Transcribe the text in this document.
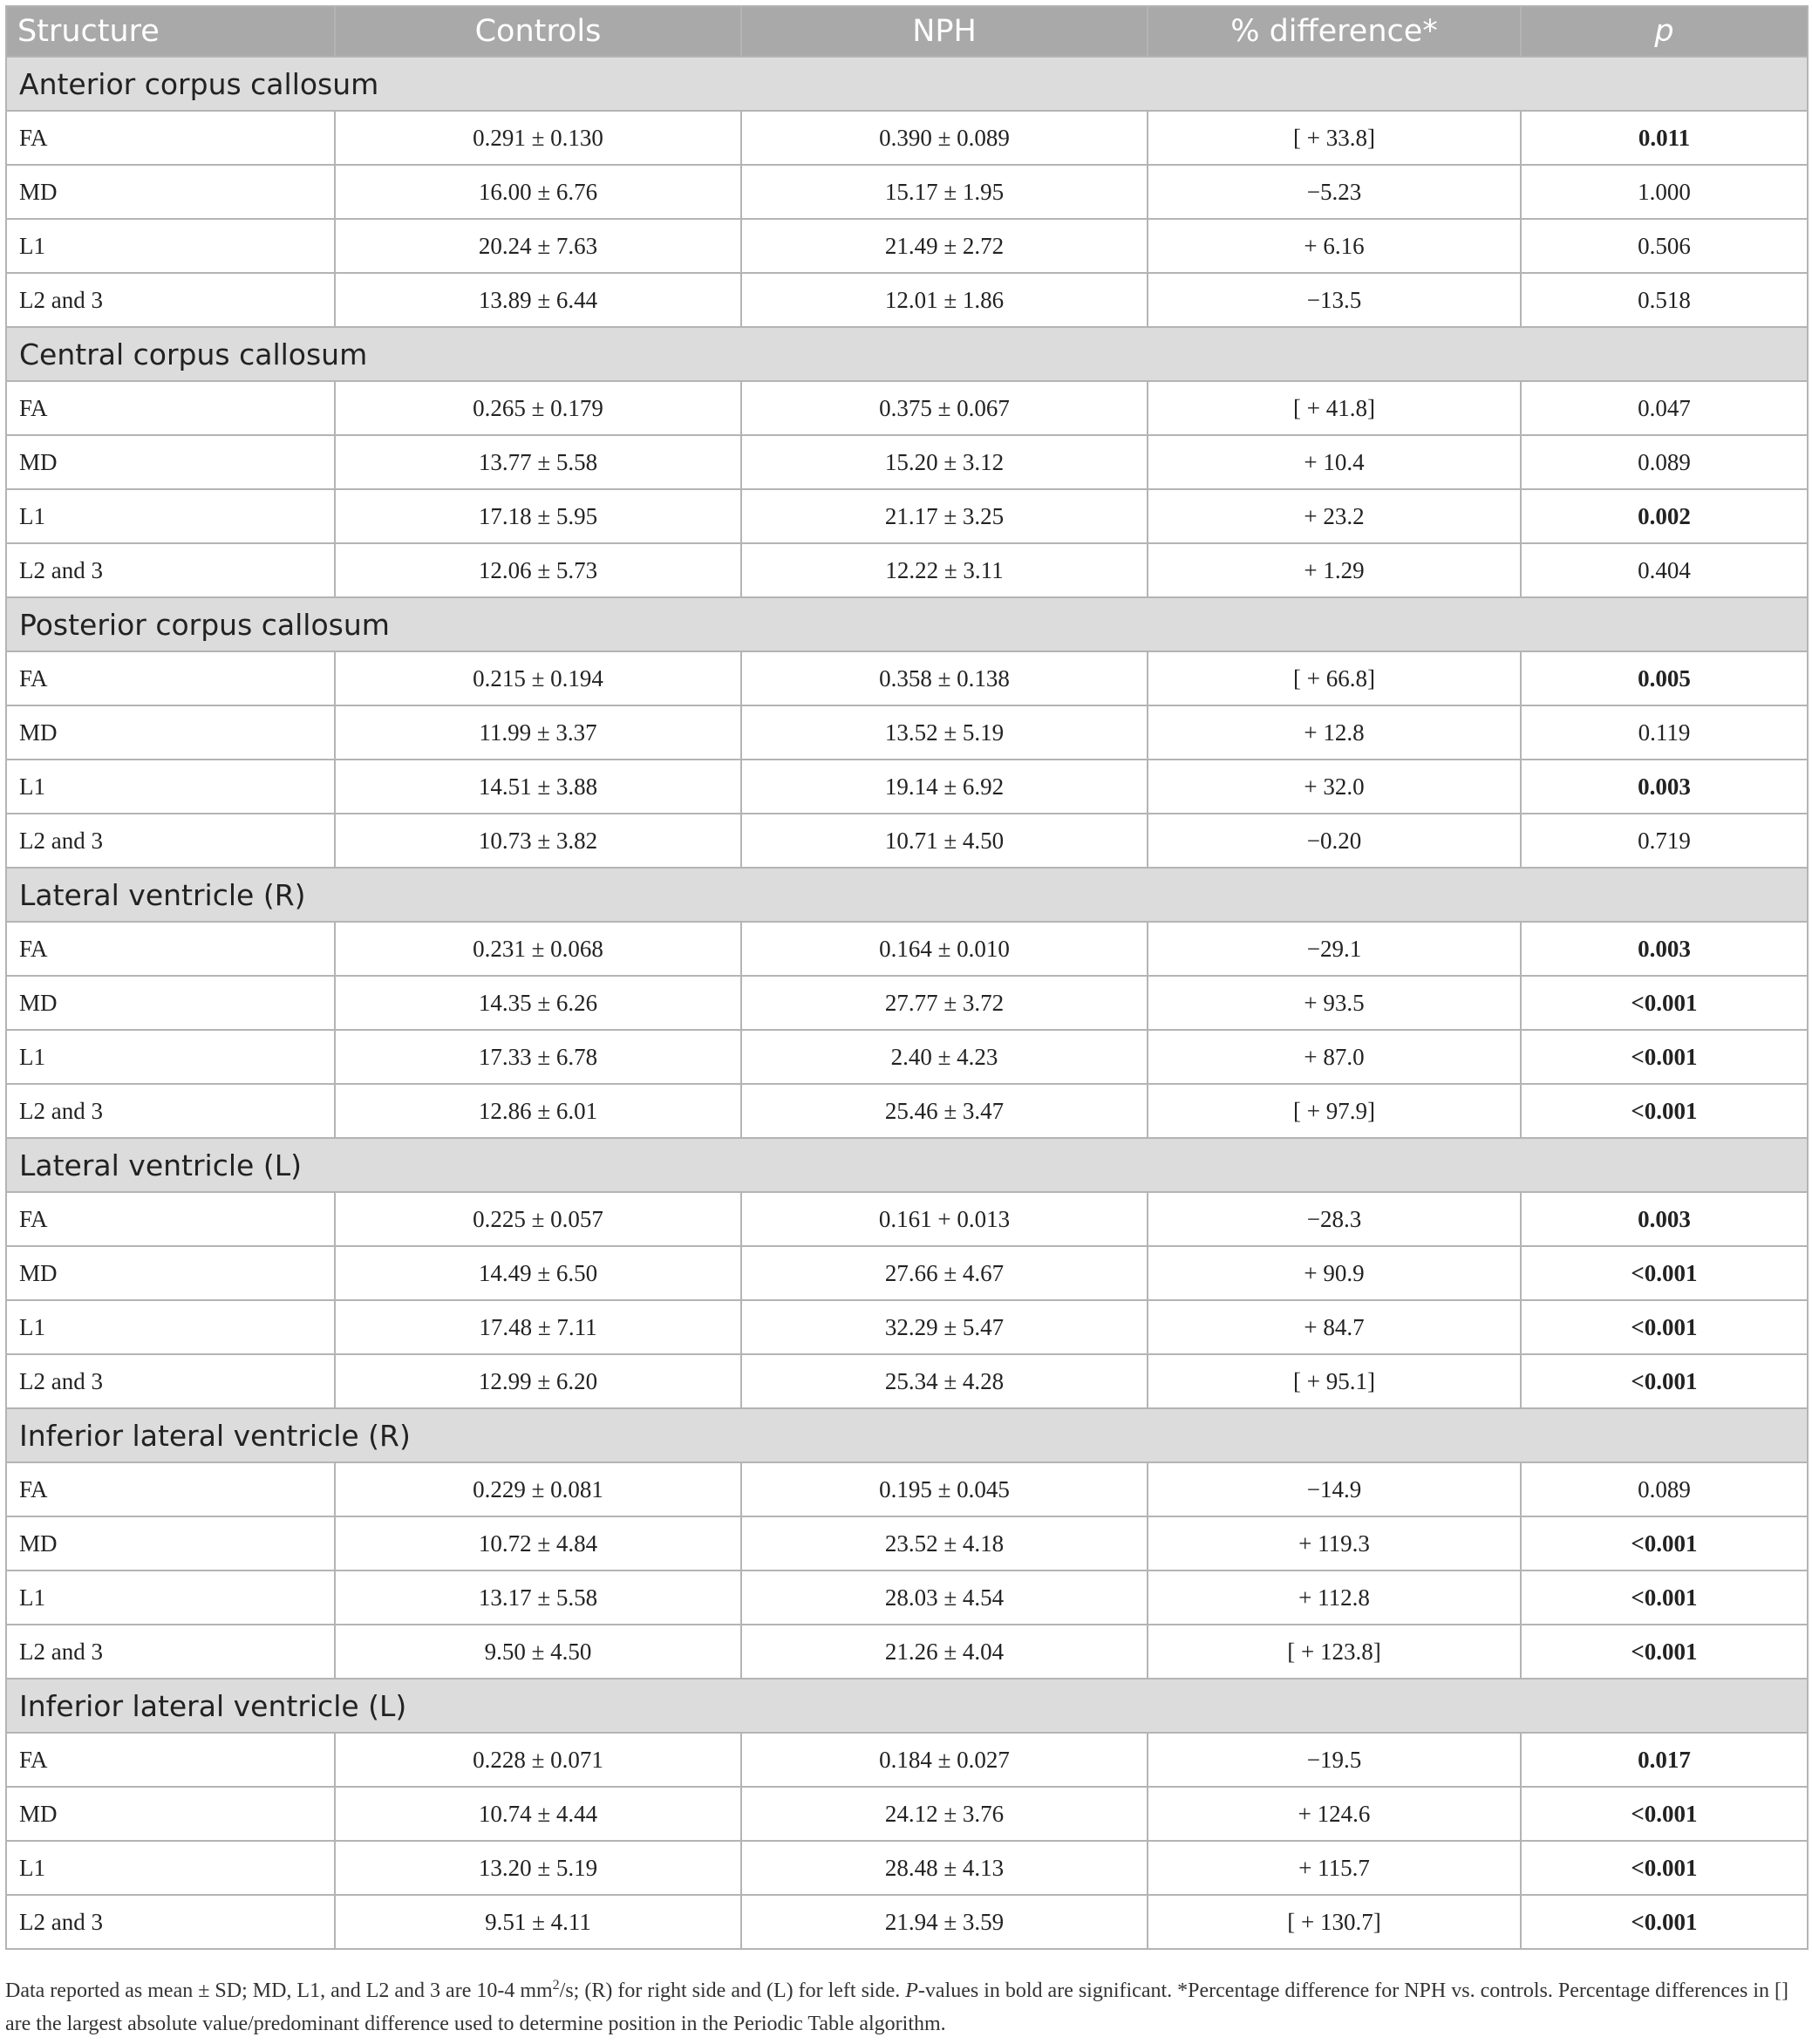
Structure	Controls	NPH	% difference*	p
Anterior corpus callosum				
FA	0.291 ± 0.130	0.390 ± 0.089	[ + 33.8]	0.011
MD	16.00 ± 6.76	15.17 ± 1.95	−5.23	1.000
L1	20.24 ± 7.63	21.49 ± 2.72	+ 6.16	0.506
L2 and 3	13.89 ± 6.44	12.01 ± 1.86	−13.5	0.518
Central corpus callosum				
FA	0.265 ± 0.179	0.375 ± 0.067	[ + 41.8]	0.047
MD	13.77 ± 5.58	15.20 ± 3.12	+ 10.4	0.089
L1	17.18 ± 5.95	21.17 ± 3.25	+ 23.2	0.002
L2 and 3	12.06 ± 5.73	12.22 ± 3.11	+ 1.29	0.404
Posterior corpus callosum				
FA	0.215 ± 0.194	0.358 ± 0.138	[ + 66.8]	0.005
MD	11.99 ± 3.37	13.52 ± 5.19	+ 12.8	0.119
L1	14.51 ± 3.88	19.14 ± 6.92	+ 32.0	0.003
L2 and 3	10.73 ± 3.82	10.71 ± 4.50	−0.20	0.719
Lateral ventricle (R)				
FA	0.231 ± 0.068	0.164 ± 0.010	−29.1	0.003
MD	14.35 ± 6.26	27.77 ± 3.72	+ 93.5	<0.001
L1	17.33 ± 6.78	2.40 ± 4.23	+ 87.0	<0.001
L2 and 3	12.86 ± 6.01	25.46 ± 3.47	[ + 97.9]	<0.001
Lateral ventricle (L)				
FA	0.225 ± 0.057	0.161 + 0.013	−28.3	0.003
MD	14.49 ± 6.50	27.66 ± 4.67	+ 90.9	<0.001
L1	17.48 ± 7.11	32.29 ± 5.47	+ 84.7	<0.001
L2 and 3	12.99 ± 6.20	25.34 ± 4.28	[ + 95.1]	<0.001
Inferior lateral ventricle (R)				
FA	0.229 ± 0.081	0.195 ± 0.045	−14.9	0.089
MD	10.72 ± 4.84	23.52 ± 4.18	+ 119.3	<0.001
L1	13.17 ± 5.58	28.03 ± 4.54	+ 112.8	<0.001
L2 and 3	9.50 ± 4.50	21.26 ± 4.04	[ + 123.8]	<0.001
Inferior lateral ventricle (L)				
FA	0.228 ± 0.071	0.184 ± 0.027	−19.5	0.017
MD	10.74 ± 4.44	24.12 ± 3.76	+ 124.6	<0.001
L1	13.20 ± 5.19	28.48 ± 4.13	+ 115.7	<0.001
L2 and 3	9.51 ± 4.11	21.94 ± 3.59	[ + 130.7]	<0.001
Data reported as mean ± SD; MD, L1, and L2 and 3 are 10-4 $mm^2/s$; (R) for right side and (L) for left side. P-values in bold are significant. *Percentage difference for NPH vs. controls. Percentage differences in [] are the largest absolute value/predominant difference used to determine position in the Periodic Table algorithm.
